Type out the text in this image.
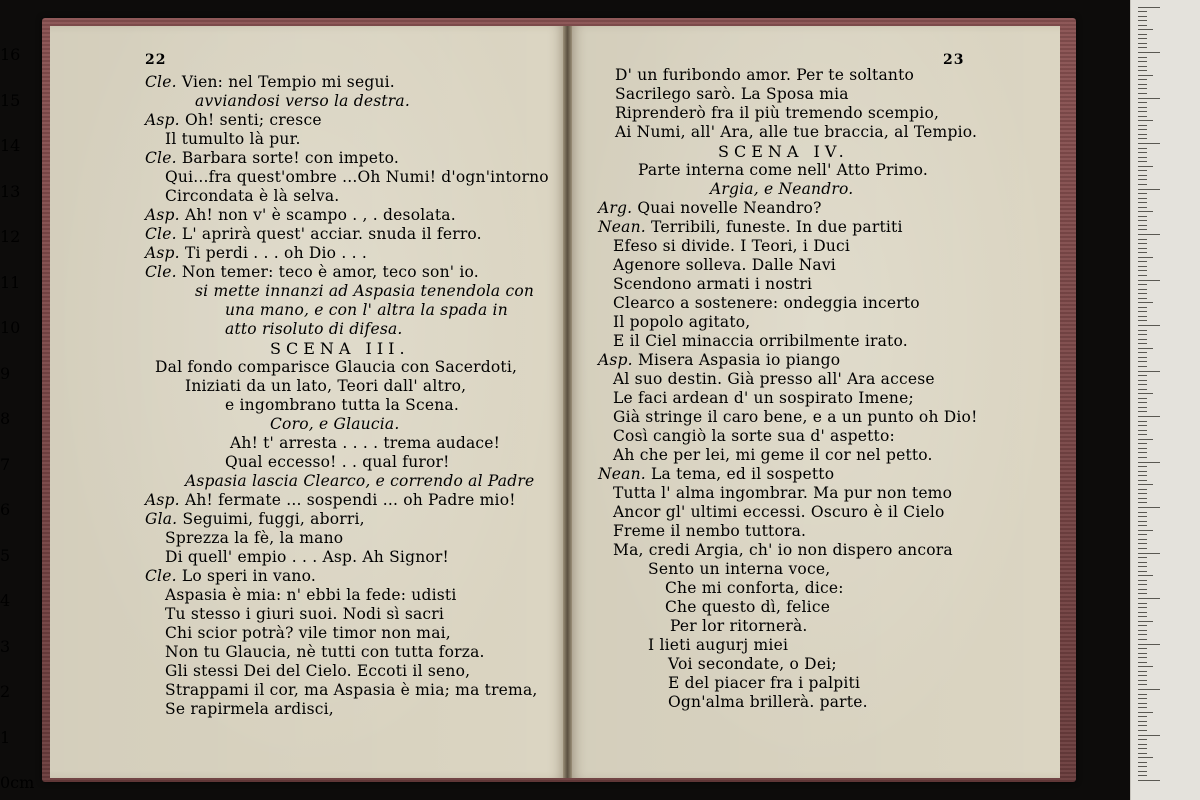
22	23
Cle. Vien: nel Tempio mi segui.
avviandosi verso la destra.
Asp. Oh! senti; cresce
Il tumulto là pur.
Cle. Barbara sorte! con impeto.
Qui...fra quest'ombre ...Oh Numi! d'ogn'intorno
Circondata è là selva.
Asp. Ah! non v' è scampo . , . desolata.
Cle. L' aprirà quest' acciar. snuda il ferro.
Asp. Ti perdi . . . oh Dio . . .
Cle. Non temer: teco è amor, teco son' io.
si mette innanzi ad Aspasia tenendola con
una mano, e con l' altra la spada in
atto risoluto di difesa.
SCENA III.
Dal fondo comparisce Glaucia con Sacerdoti,
Iniziati da un lato, Teori dall' altro,
e ingombrano tutta la Scena.
Coro, e Glaucia.
Ah! t' arresta . . . . trema audace!
Qual eccesso! . . qual furor!
Aspasia lascia Clearco, e correndo al Padre
Asp. Ah! fermate ... sospendi ... oh Padre mio!
Gla. Seguimi, fuggi, aborri,
Sprezza la fè, la mano
Di quell' empio . . . Asp. Ah Signor!
Cle. Lo speri in vano.
Aspasia è mia: n' ebbi la fede: udisti
Tu stesso i giuri suoi. Nodi sì sacri
Chi scior potrà? vile timor non mai,
Non tu Glaucia, nè tutti con tutta forza.
Gli stessi Dei del Cielo. Eccoti il seno,
Strappami il cor, ma Aspasia è mia; ma trema,
Se rapirmela ardisci,
D' un furibondo amor. Per te soltanto
Sacrilego sarò. La Sposa mia
Riprenderò fra il più tremendo scempio,
Ai Numi, all' Ara, alle tue braccia, al Tempio.
SCENA IV.
Parte interna come nell' Atto Primo.
Argia, e Neandro.
Arg. Quai novelle Neandro?
Nean. Terribili, funeste. In due partiti
Efeso si divide. I Teori, i Duci
Agenore solleva. Dalle Navi
Scendono armati i nostri
Clearco a sostenere: ondeggia incerto
Il popolo agitato,
E il Ciel minaccia orribilmente irato.
Asp. Misera Aspasia io piango
Al suo destin. Già presso all' Ara accese
Le faci ardean d' un sospirato Imene;
Già stringe il caro bene, e a un punto oh Dio!
Così cangiò la sorte sua d' aspetto:
Ah che per lei, mi geme il cor nel petto.
Nean. La tema, ed il sospetto
Tutta l' alma ingombrar. Ma pur non temo
Ancor gl' ultimi eccessi. Oscuro è il Cielo
Freme il nembo tuttora.
Ma, credi Argia, ch' io non dispero ancora
Sento un interna voce,
Che mi conforta, dice:
Che questo dì, felice
Per lor ritornerà.
I lieti augurj miei
Voi secondate, o Dei;
E del piacer fra i palpiti
Ogn'alma brillerà. parte.
0cm
1
2
3
4
5
6
7
8
9
10
11
12
13
14
15
16
